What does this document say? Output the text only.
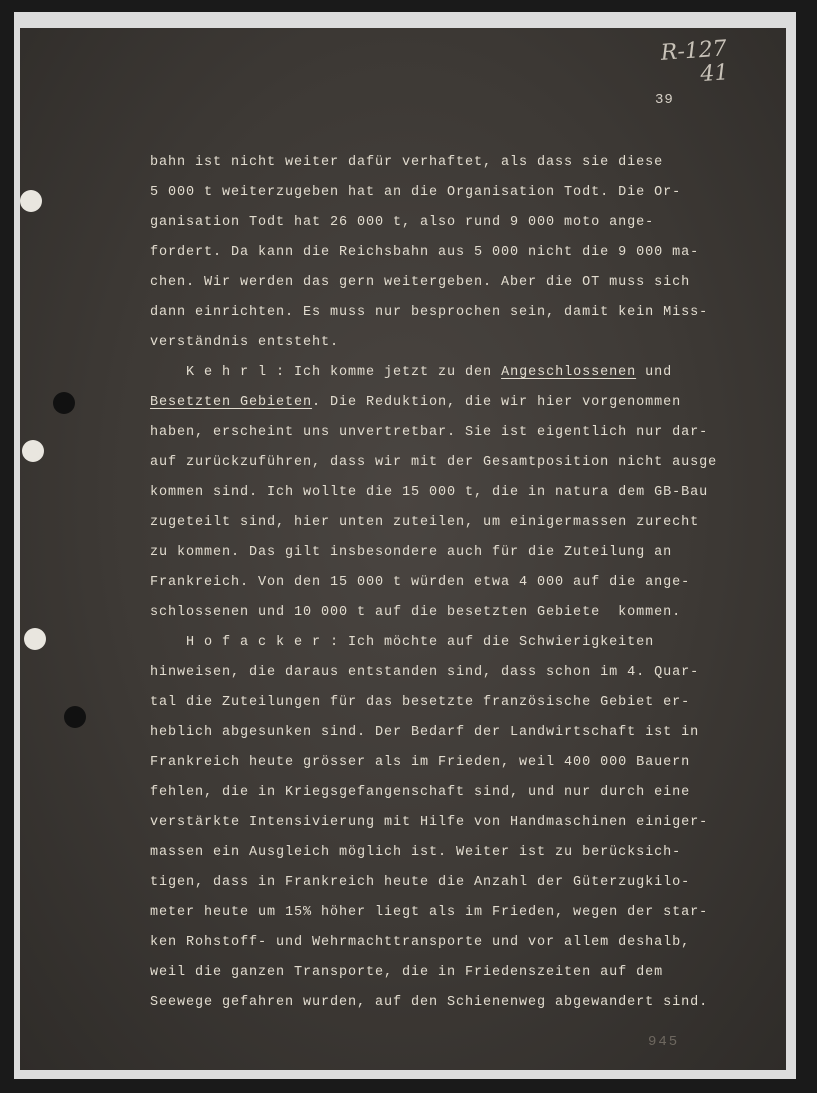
R-127
41
39
bahn ist nicht weiter dafür verhaftet, als dass sie diese
5 000 t weiterzugeben hat an die Organisation Todt. Die Or-
ganisation Todt hat 26 000 t, also rund 9 000 moto ange-
fordert. Da kann die Reichsbahn aus 5 000 nicht die 9 000 ma-
chen. Wir werden das gern weitergeben. Aber die OT muss sich
dann einrichten. Es muss nur besprochen sein, damit kein Miss-
verständnis entsteht.
K e h r l : Ich komme jetzt zu den Angeschlossenen und
Besetzten Gebieten. Die Reduktion, die wir hier vorgenommen
haben, erscheint uns unvertretbar. Sie ist eigentlich nur dar-
auf zurückzuführen, dass wir mit der Gesamtposition nicht ausge
kommen sind. Ich wollte die 15 000 t, die in natura dem GB-Bau
zugeteilt sind, hier unten zuteilen, um einigermassen zurecht
zu kommen. Das gilt insbesondere auch für die Zuteilung an
Frankreich. Von den 15 000 t würden etwa 4 000 auf die ange-
schlossenen und 10 000 t auf die besetzten Gebiete  kommen.
H o f a c k e r : Ich möchte auf die Schwierigkeiten
hinweisen, die daraus entstanden sind, dass schon im 4. Quar-
tal die Zuteilungen für das besetzte französische Gebiet er-
heblich abgesunken sind. Der Bedarf der Landwirtschaft ist in
Frankreich heute grösser als im Frieden, weil 400 000 Bauern
fehlen, die in Kriegsgefangenschaft sind, und nur durch eine
verstärkte Intensivierung mit Hilfe von Handmaschinen einiger-
massen ein Ausgleich möglich ist. Weiter ist zu berücksich-
tigen, dass in Frankreich heute die Anzahl der Güterzugkilo-
meter heute um 15% höher liegt als im Frieden, wegen der star-
ken Rohstoff- und Wehrmachttransporte und vor allem deshalb,
weil die ganzen Transporte, die in Friedenszeiten auf dem
Seewege gefahren wurden, auf den Schienenweg abgewandert sind.
945
